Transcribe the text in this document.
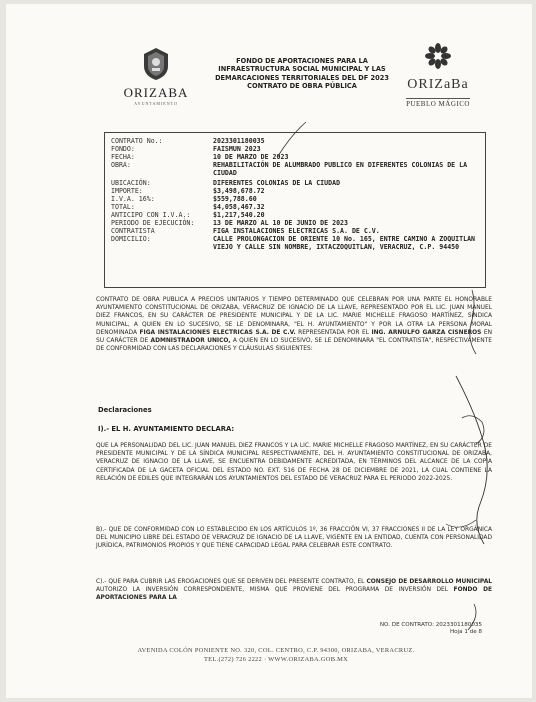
ORIZABA
AYUNTAMIENTO
FONDO DE APORTACIONES PARA LA
INFRAESTRUCTURA SOCIAL MUNICIPAL Y LAS
DEMARCACIONES TERRITORIALES DEL DF 2023
CONTRATO DE OBRA PÚBLICA	ORIZaBa
PUEBLO MÁGICO
CONTRATO No.:	2023301180035
FONDO:	FAISMUN 2023
FECHA:	10 DE MARZO DE 2023
OBRA:	REHABILITACIÓN DE ALUMBRADO PUBLICO EN DIFERENTES COLONIAS DE LA CIUDAD
UBICACIÓN:	DIFERENTES COLONIAS DE LA CIUDAD
IMPORTE:	$3,498,678.72
I.V.A. 16%:	$559,788.60
TOTAL:	$4,058,467.32
ANTICIPO CON I.V.A.:	$1,217,540.20
PERIODO DE EJECUCIÓN:	13 DE MARZO AL 10 DE JUNIO DE 2023
CONTRATISTA	FIGA INSTALACIONES ELECTRICAS S.A. DE C.V.
DOMICILIO:	CALLE PROLONGACION DE ORIENTE 10 No. 165, ENTRE CAMINO A ZOQUITLAN VIEJO Y CALLE SIN NOMBRE, IXTACZOQUITLAN, VERACRUZ, C.P. 94450
CONTRATO DE OBRA PUBLICA A PRECIOS UNITARIOS Y TIEMPO DETERMINADO QUE CELEBRAN POR UNA PARTE EL HONORABLE AYUNTAMIENTO CONSTITUCIONAL DE ORIZABA, VERACRUZ DE IGNACIO DE LA LLAVE, REPRESENTADO POR EL LIC. JUAN MANUEL DIEZ FRANCOS, EN SU CARÁCTER DE PRESIDENTE MUNICIPAL Y DE LA LIC. MARIE MICHELLE FRAGOSO MARTÍNEZ, SÍNDICA MUNICIPAL, A QUIEN EN LO SUCESIVO, SE LE DENOMINARA, "EL H. AYUNTAMIENTO" Y POR LA OTRA LA PERSONA MORAL DENOMINADA FIGA INSTALACIONES ELECTRICAS S.A. DE C.V. REPRESENTADA POR EL ING. ARNULFO GARZA CISNEROS EN SU CARÁCTER DE ADMNISTRADOR UNICO, A QUIEN EN LO SUCESIVO, SE LE DENOMINARA "EL CONTRATISTA", RESPECTIVAMENTE DE CONFORMIDAD CON LAS DECLARACIONES Y CLÁUSULAS SIGUIENTES:
Declaraciones
I).- EL H. AYUNTAMIENTO DECLARA:
QUE LA PERSONALIDAD DEL LIC. JUAN MANUEL DIEZ FRANCOS Y LA LIC. MARIE MICHELLE FRAGOSO MARTÍNEZ, EN SU CARÁCTER DE PRESIDENTE MUNICIPAL Y DE LA SÍNDICA MUNICIPAL RESPECTIVAMENTE, DEL H. AYUNTAMIENTO CONSTITUCIONAL DE ORIZABA, VERACRUZ DE IGNACIO DE LA LLAVE, SE ENCUENTRA DEBIDAMENTE ACREDITADA, EN TÉRMINOS DEL ALCANCE DE LA COPIA CERTIFICADA DE LA GACETA OFICIAL DEL ESTADO NO. EXT. 516 DE FECHA 28 DE DICIEMBRE DE 2021, LA CUAL CONTIENE LA RELACIÓN DE EDILES QUE INTEGRARÁN LOS AYUNTAMIENTOS DEL ESTADO DE VERACRUZ PARA EL PERIODO 2022-2025.
B).- QUE DE CONFORMIDAD CON LO ESTABLECIDO EN LOS ARTÍCULOS 1º, 36 FRACCIÓN VI, 37 FRACCIONES II DE LA LEY ORGÁNICA DEL MUNICIPIO LIBRE DEL ESTADO DE VERACRUZ DE IGNACIO DE LA LLAVE, VIGENTE EN LA ENTIDAD, CUENTA CON PERSONALIDAD JURÍDICA, PATRIMONIOS PROPIOS Y QUE TIENE CAPACIDAD LEGAL PARA CELEBRAR ESTE CONTRATO.
C).- QUE PARA CUBRIR LAS EROGACIONES QUE SE DERIVEN DEL PRESENTE CONTRATO, EL CONSEJO DE DESARROLLO MUNICIPAL AUTORIZO LA INVERSIÓN CORRESPONDIENTE, MISMA QUE PROVIENE DEL PROGRAMA DE INVERSIÓN DEL FONDO DE APORTACIONES PARA LA
NO. DE CONTRATO: 2023301180035
Hoja 1 de 8
AVENIDA COLÓN PONIENTE NO. 320, COL. CENTRO, C.P. 94300, ORIZABA, VERACRUZ.
TEL.(272) 726 2222 · WWW.ORIZABA.GOB.MX
